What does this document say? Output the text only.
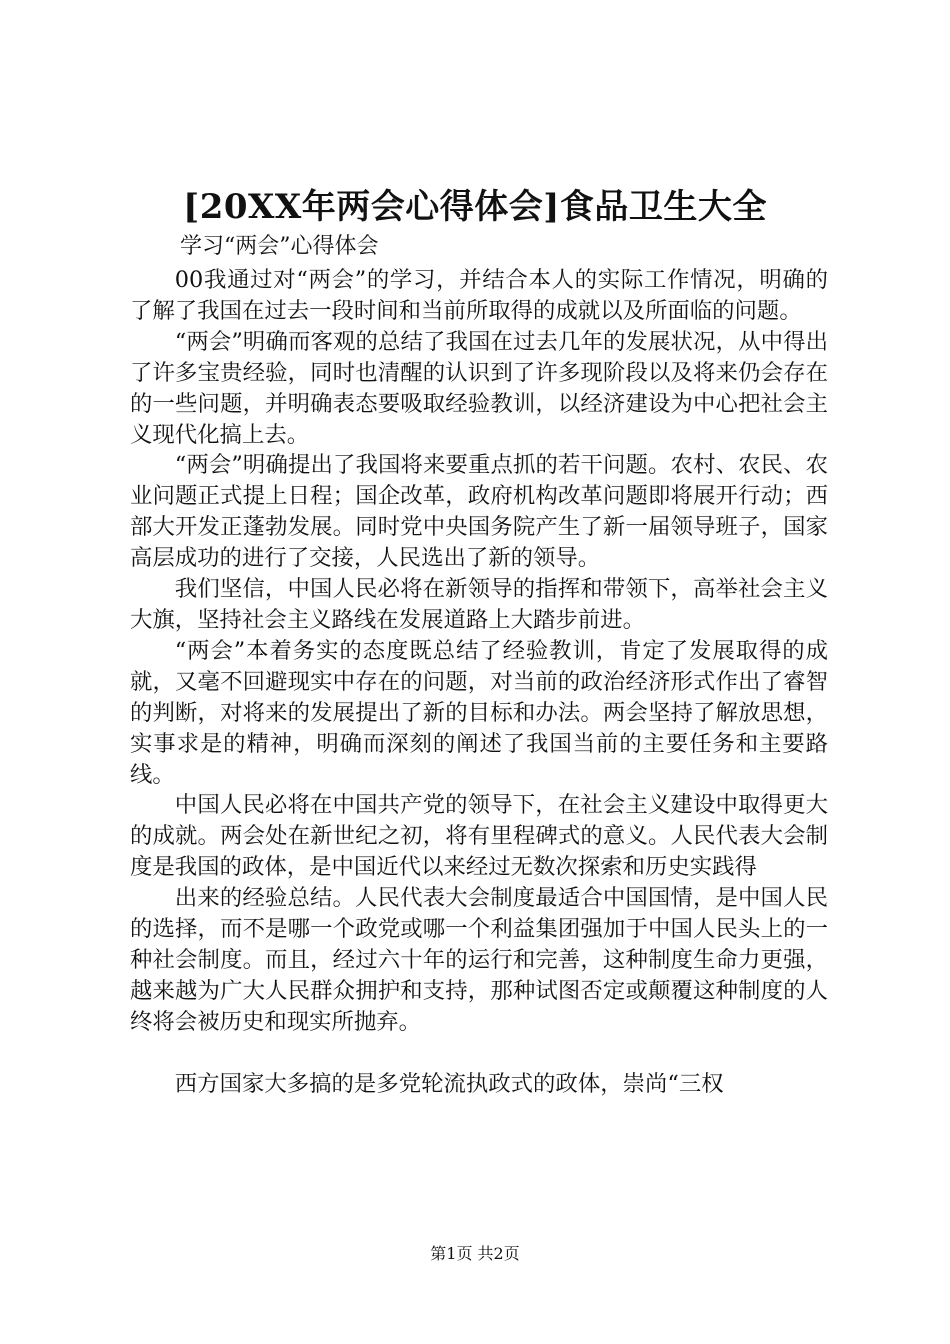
[20XX年两会心得体会]食品卫生大全
学习“两会”心得体会

00我通过对“两会”的学习，并结合本人的实际工作情况，明确的了解了我国在过去一段时间和当前所取得的成就以及所面临的问题。

“两会”明确而客观的总结了我国在过去几年的发展状况，从中得出了许多宝贵经验，同时也清醒的认识到了许多现阶段以及将来仍会存在的一些问题，并明确表态要吸取经验教训，以经济建设为中心把社会主义现代化搞上去。

“两会”明确提出了我国将来要重点抓的若干问题。农村、农民、农业问题正式提上日程；国企改革，政府机构改革问题即将展开行动；西部大开发正蓬勃发展。同时党中央国务院产生了新一届领导班子，国家高层成功的进行了交接，人民选出了新的领导。

我们坚信，中国人民必将在新领导的指挥和带领下，高举社会主义大旗，坚持社会主义路线在发展道路上大踏步前进。

“两会”本着务实的态度既总结了经验教训，肯定了发展取得的成就，又毫不回避现实中存在的问题，对当前的政治经济形式作出了睿智的判断，对将来的发展提出了新的目标和办法。两会坚持了解放思想，实事求是的精神，明确而深刻的阐述了我国当前的主要任务和主要路线。

中国人民必将在中国共产党的领导下，在社会主义建设中取得更大的成就。两会处在新世纪之初，将有里程碑式的意义。人民代表大会制度是我国的政体，是中国近代以来经过无数次探索和历史实践得

出来的经验总结。人民代表大会制度最适合中国国情，是中国人民的选择，而不是哪一个政党或哪一个利益集团强加于中国人民头上的一种社会制度。而且，经过六十年的运行和完善，这种制度生命力更强，越来越为广大人民群众拥护和支持，那种试图否定或颠覆这种制度的人终将会被历史和现实所抛弃。

西方国家大多搞的是多党轮流执政式的政体，崇尚“三权

第1页 共2页
